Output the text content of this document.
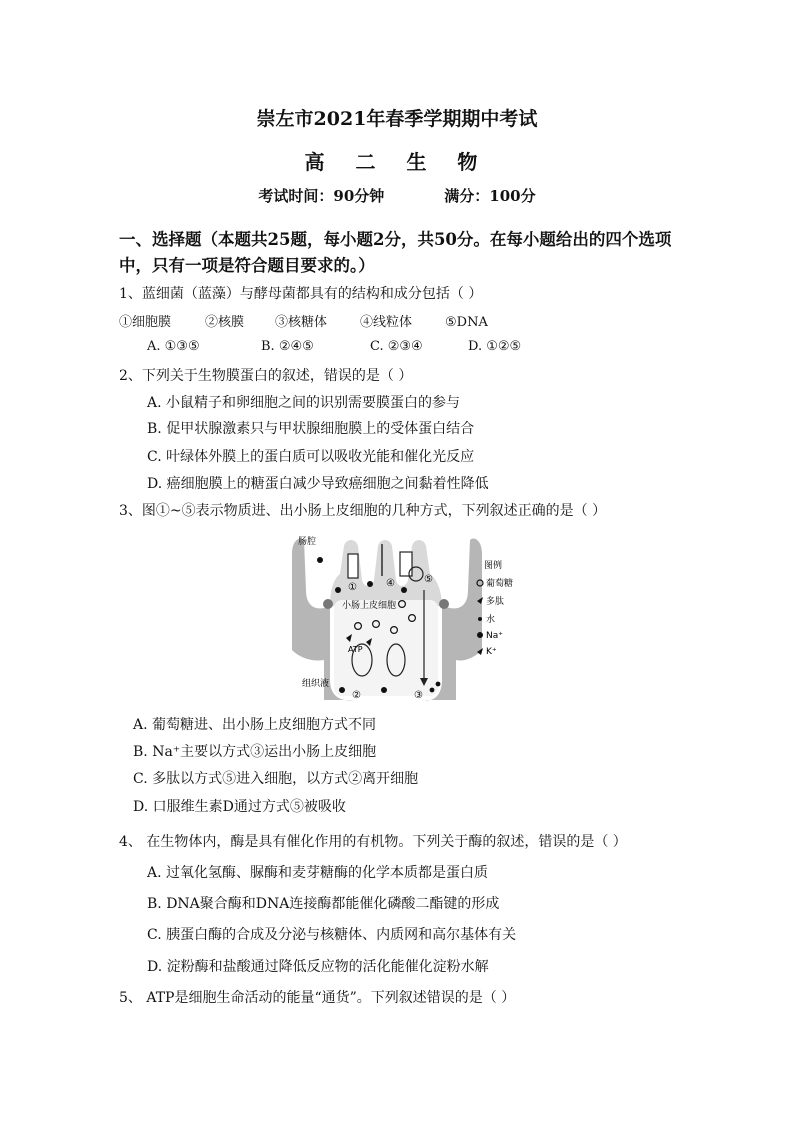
崇左市2021年春季学期期中考试
高 二 生 物
考试时间：90分钟	满分：100分
一、选择题（本题共25题，每小题2分，共50分。在每小题给出的四个选项
中，只有一项是符合题目要求的。）
1、蓝细菌（蓝藻）与酵母菌都具有的结构和成分包括（ ）
①细胞膜	②核膜 ③核糖体	④线粒体	⑤DNA
A. ①③⑤	B. ②④⑤	C. ②③④	D. ①②⑤
2、下列关于生物膜蛋白的叙述，错误的是（ ）
A. 小鼠精子和卵细胞之间的识别需要膜蛋白的参与
B. 促甲状腺激素只与甲状腺细胞膜上的受体蛋白结合
C. 叶绿体外膜上的蛋白质可以吸收光能和催化光反应
D. 癌细胞膜上的糖蛋白减少导致癌细胞之间黏着性降低
3、图①~⑤表示物质进、出小肠上皮细胞的几种方式，下列叙述正确的是（ ）
肠腔
小肠上皮细胞
组织液
ATP
①
②	③
④	⑤
图例
葡萄糖
多肽
水
Na⁺
K⁺
A. 葡萄糖进、出小肠上皮细胞方式不同
B. Na⁺主要以方式③运出小肠上皮细胞
C. 多肽以方式⑤进入细胞，以方式②离开细胞
D. 口服维生素D通过方式⑤被吸收
4、 在生物体内，酶是具有催化作用的有机物。下列关于酶的叙述，错误的是（ ）
A. 过氧化氢酶、脲酶和麦芽糖酶的化学本质都是蛋白质
B. DNA聚合酶和DNA连接酶都能催化磷酸二酯键的形成
C. 胰蛋白酶的合成及分泌与核糖体、内质网和高尔基体有关
D. 淀粉酶和盐酸通过降低反应物的活化能催化淀粉水解
5、 ATP是细胞生命活动的能量“通货”。下列叙述错误的是（ ）
